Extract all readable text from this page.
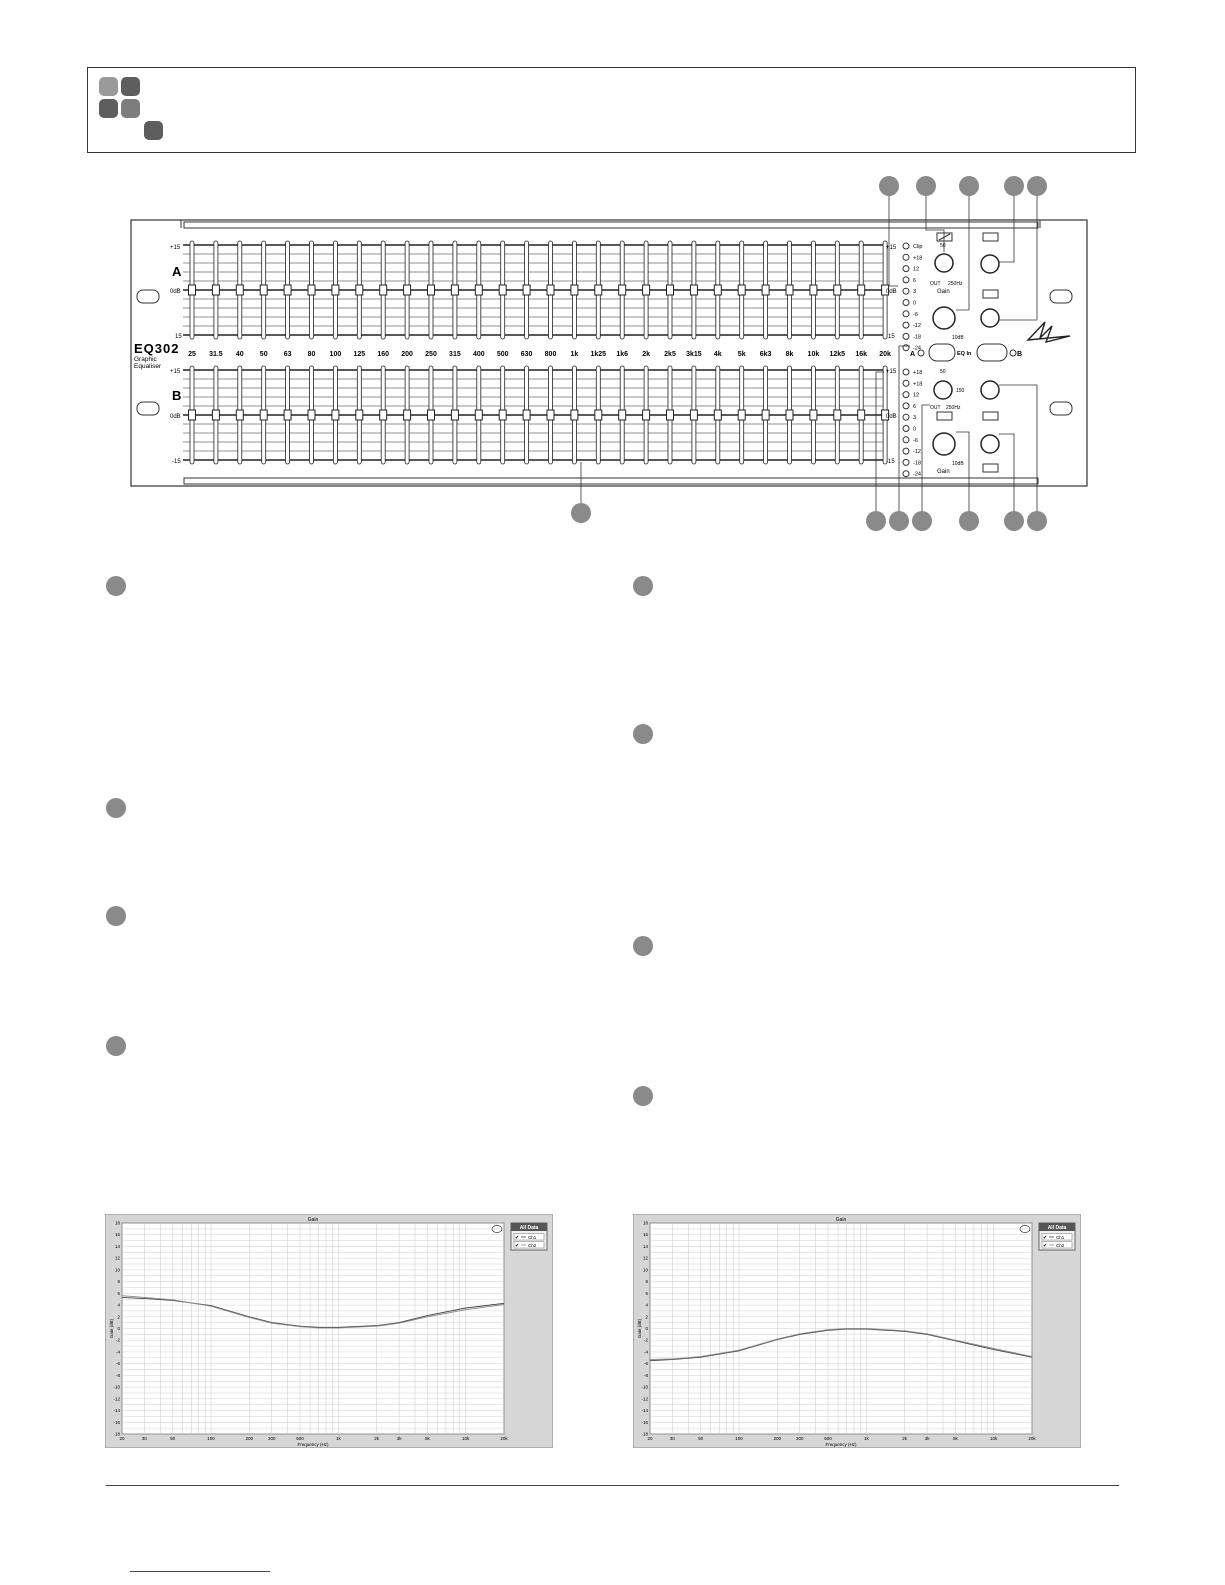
A
B
+15
0dB
15
+15
0dB
-15
+15
0dB
15
+15
0dB
-15
EQ302
Graphic
Equaliser
25 31.5 40 50 63 80 100 125 160 200 250 315 400 500 630 800 1k 1k25 1k6 2k 2k5 3k15 4k 5k 6k3 8k 10k 12k5 16k 20k
Clip
+18
12
6
3
0
-6
-12
-18
-24
+18
+18
12
6
3
0
-6
-12
-18
-24
50
OUT 250Hz
Gain
10dB
A	EQ In	B
50
150
OUT 250Hz
10dB
Gain
Gain
Gain (dB)
Frequency (Hz)
18
16
14
12
10
8
6
4
2
0
-2
-4
-6
-8
-10
-12
-14
-16
-18
20	30	50	100	200	300	500	1k	2k	3k	5k	10k	20k
All Data
✔ Ch1
✔ Ch2
Gain
Gain (dB)
Frequency (Hz)
18
16
14
12
10
8
6
4
2
0
-2
-4
-6
-8
-10
-12
-14
-16
-18
20	30	50	100	200	300	500	1k	2k	3k	5k	10k	20k
All Data
✔ Ch1
✔ Ch2
